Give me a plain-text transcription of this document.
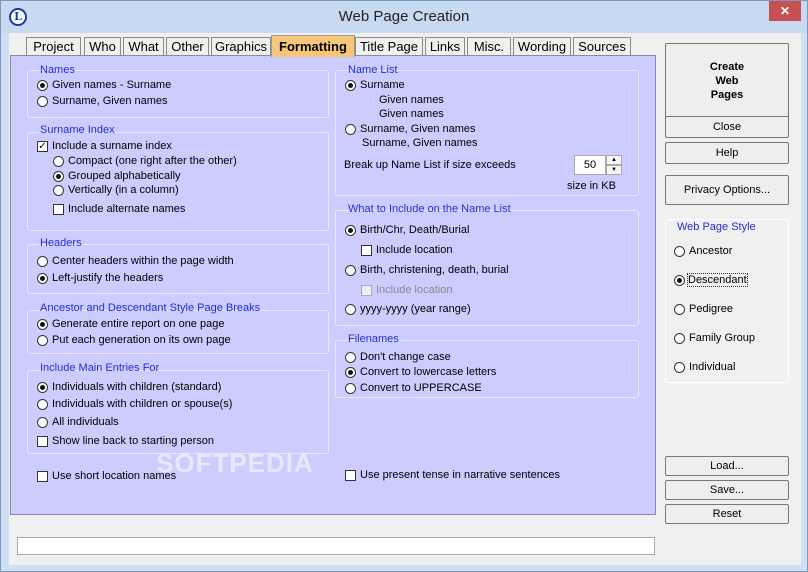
L	Web Page Creation	✕
Project	Who What Other Graphics Formatting	Title Page Links	Misc.	Wording Sources
Names
Given names - Surname
Surname, Given names
Surname Index
✓ Include a surname index
Compact (one right after the other)
Grouped alphabetically
Vertically (in a column)
Include alternate names
Headers
Center headers within the page width
Left-justify the headers
Ancestor and Descendant Style Page Breaks
Generate entire report on one page
Put each generation on its own page
Include Main Entries For
Individuals with children (standard)
Individuals with children or spouse(s)
All individuals
Show line back to starting person
SOFTPEDIA
Use short location names
Name List
Surname
Given names
Given names
Surname, Given names
Surname, Given names
Break up Name List if size exceeds	50	▲
▼
size in KB
What to Include on the Name List
Birth/Chr, Death/Burial
Include location
Birth, christening, death, burial
Include location
yyyy-yyyy (year range)
Filenames
Don't change case
Convert to lowercase letters
Convert to UPPERCASE
Use present tense in narrative sentences
Create
Web
Pages
Close
Help
Privacy Options...
Web Page Style
Ancestor
Descendant
Pedigree
Family Group
Individual
Load...
Save...
Reset
